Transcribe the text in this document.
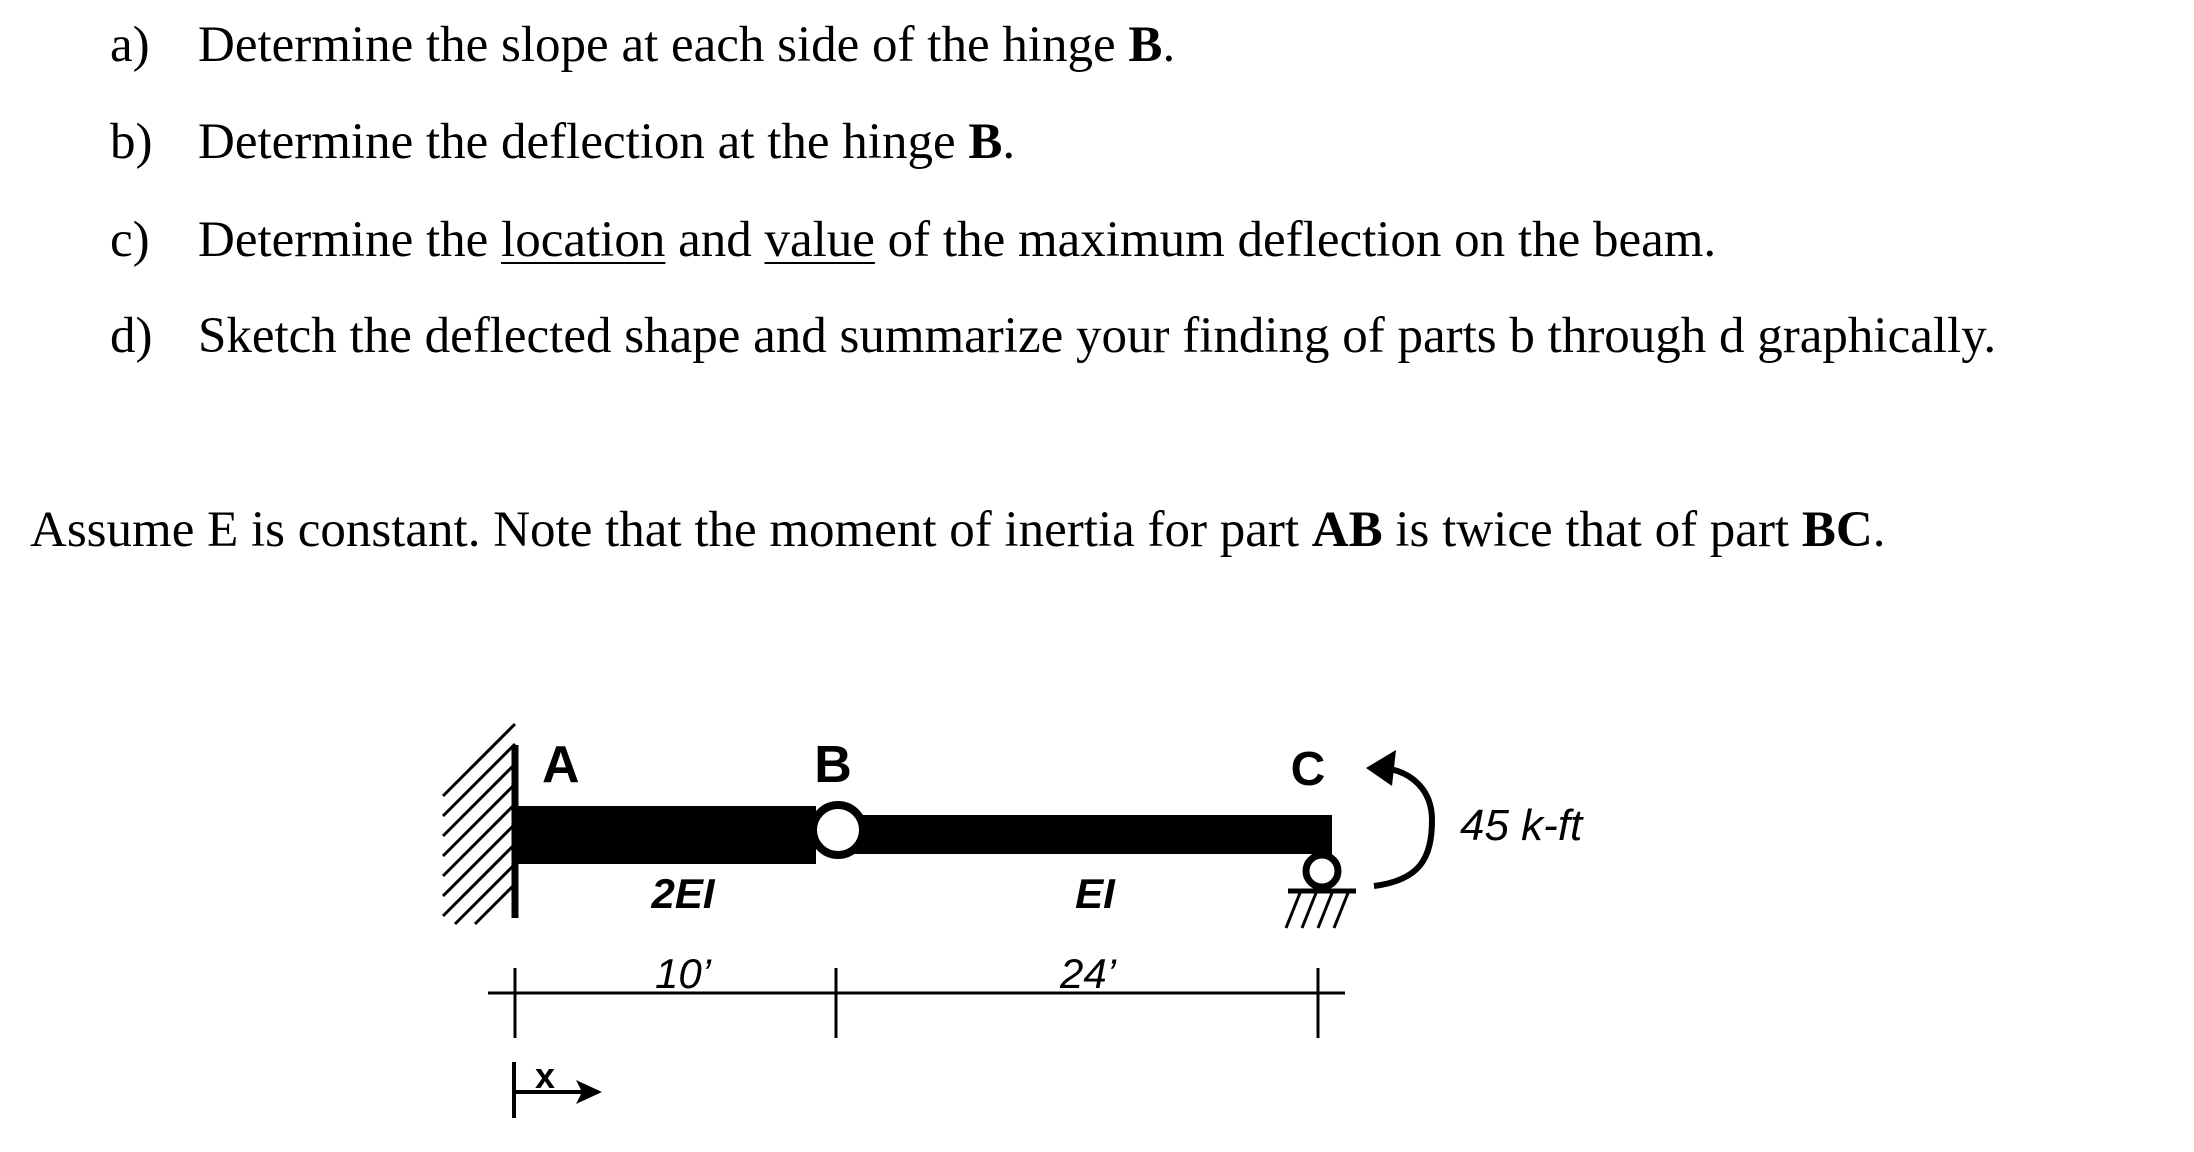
a) Determine the slope at each side of the hinge B.
b) Determine the deflection at the hinge B.
c) Determine the location and value of the maximum deflection on the beam.
d) Sketch the deflected shape and summarize your finding of parts b through d graphically.
Assume E is constant. Note that the moment of inertia for part AB is twice that of part BC.
A	B	C
2EI	EI
45 k-ft
10’	24’
x
